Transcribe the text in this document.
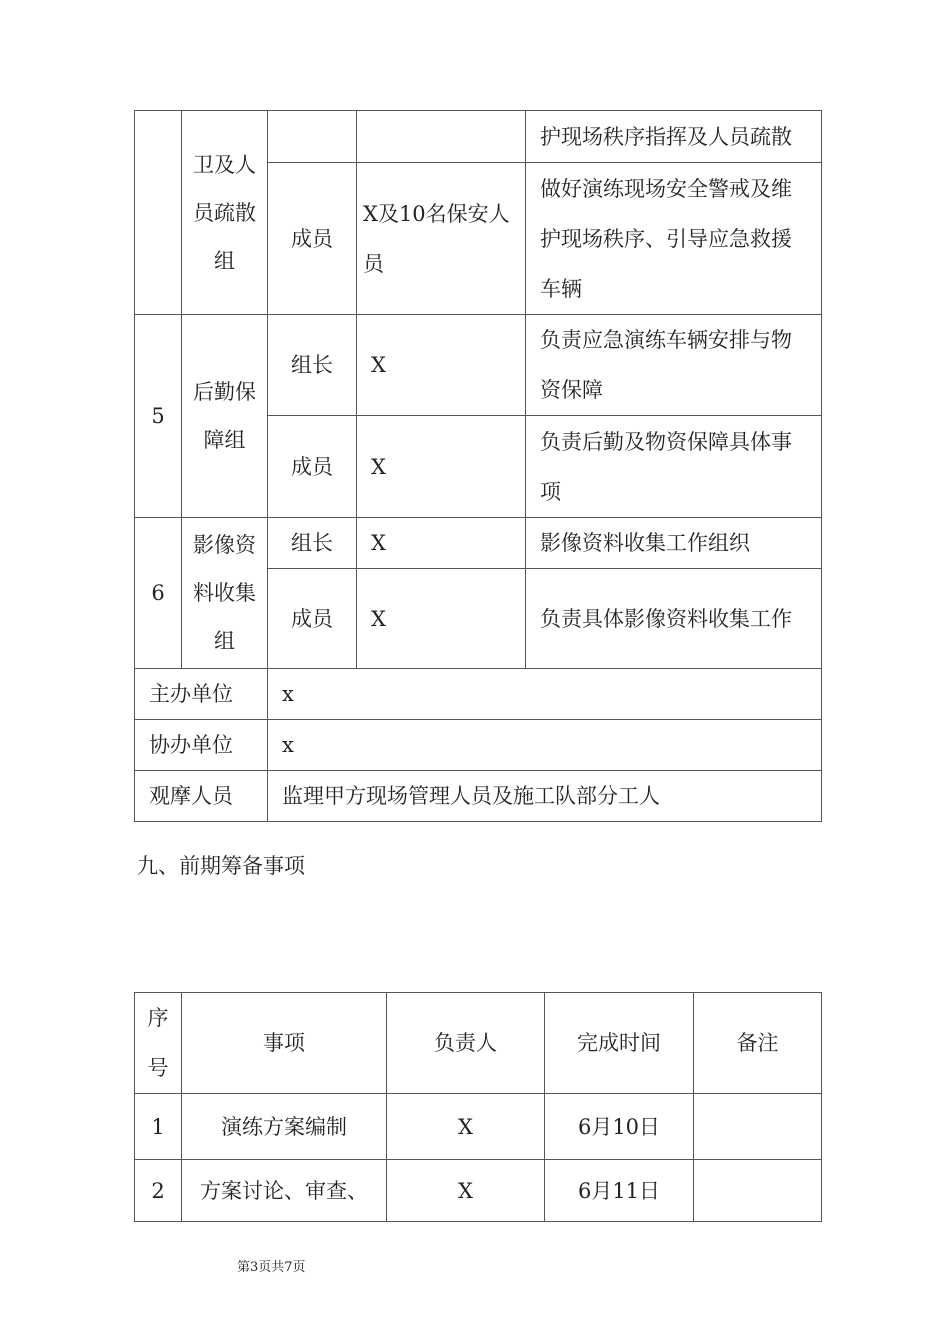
	卫及人
员疏散
组			护现场秩序指挥及人员疏散
		成员	X及10名保安人员	做好演练现场安全警戒及维护现场秩序、引导应急救援车辆
5	后勤保
障组	组长	X	负责应急演练车辆安排与物资保障
		成员	X	负责后勤及物资保障具体事项
6	影像资
料收集
组	组长	X	影像资料收集工作组织
		成员	X	负责具体影像资料收集工作
主办单位		x		
协办单位		x		
观摩人员		监理甲方现场管理人员及施工队部分工人		
九、前期筹备事项
序号	事项	负责人	完成时间	备注
1	演练方案编制	X	6月10日	
2	方案讨论、审查、	X	6月11日	
第3页共7页
